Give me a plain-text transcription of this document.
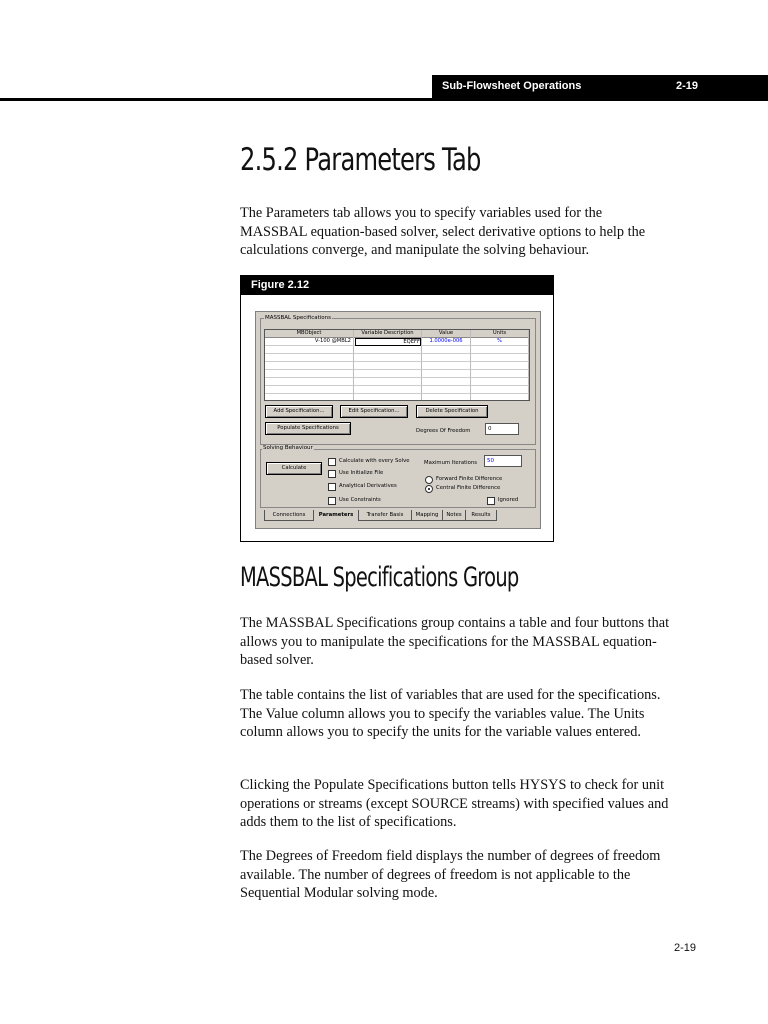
Sub-Flowsheet Operations	2-19
2.5.2 Parameters Tab

The Parameters tab allows you to specify variables used for the MASSBAL equation-based solver, select derivative options to help the calculations converge, and manipulate the solving behaviour.

Figure 2.12
MASSBAL Specifications
MBObject	Variable Description	Value	Units
V-100 @MBL2	EQEFF	1.0000e-006	%
Add Specification...	Edit Specification...	Delete Specification
Populate Specifications	Degrees Of Freedom	0
Solving Behaviour
Calculate
Calculate with every Solve
Use Initialize File
Analytical Derivatives
Use Constraints
Maximum Iterations	50
Forward Finite Difference
Central Finite Difference
Ignored
Connections	Parameters	Transfer Basis	Mapping	Notes	Results
MASSBAL Specifications Group

The MASSBAL Specifications group contains a table and four buttons that allows you to manipulate the specifications for the MASSBAL equation-based solver.

The table contains the list of variables that are used for the specifications. The Value column allows you to specify the variables value. The Units column allows you to specify the units for the variable values entered.

Clicking the Populate Specifications button tells HYSYS to check for unit operations or streams (except SOURCE streams) with specified values and adds them to the list of specifications.

The Degrees of Freedom field displays the number of degrees of freedom available. The number of degrees of freedom is not applicable to the Sequential Modular solving mode.

2-19
